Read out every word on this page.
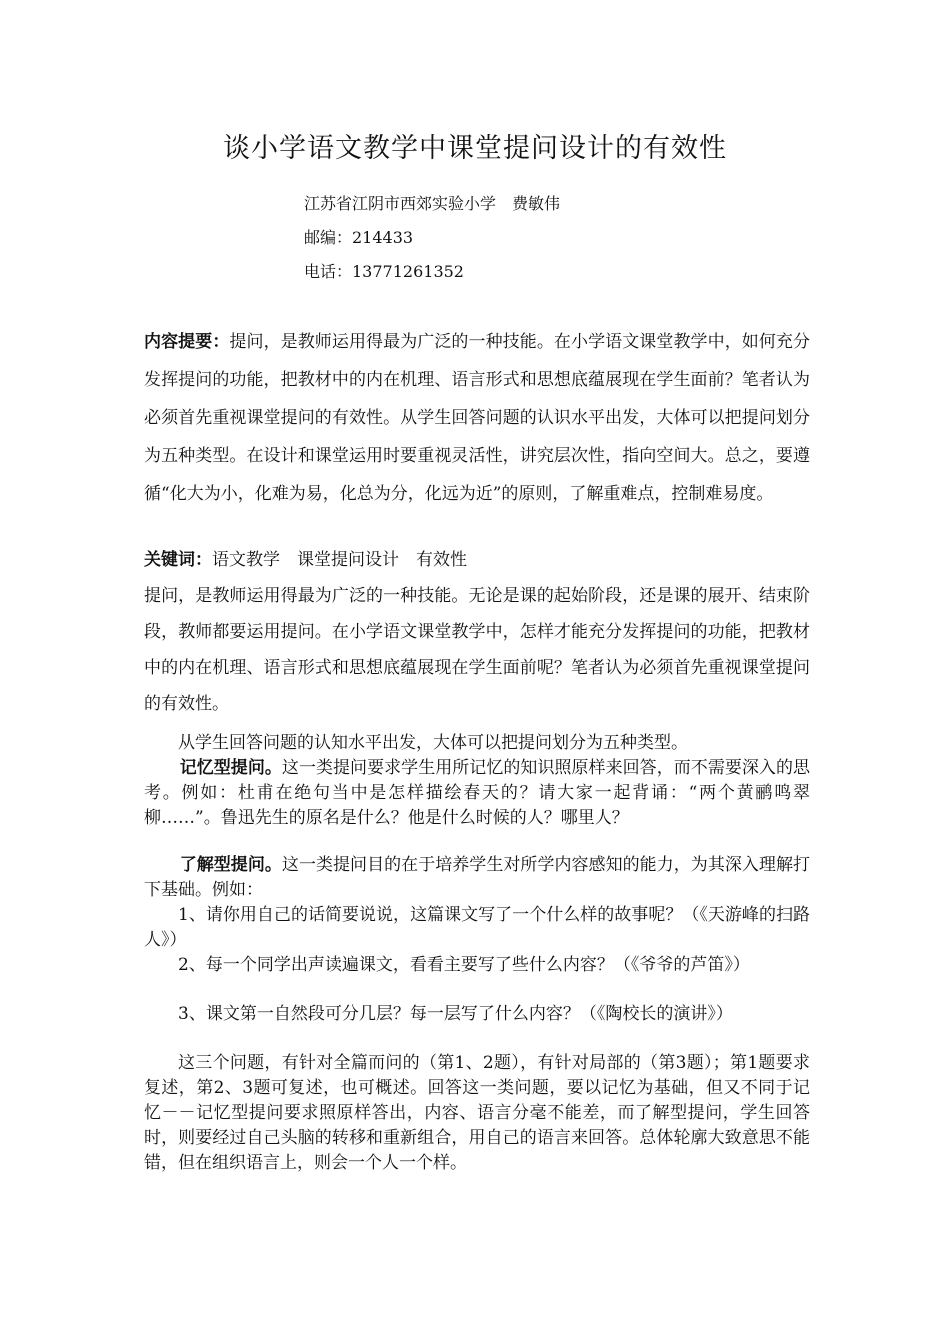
谈小学语文教学中课堂提问设计的有效性
江苏省江阴市西郊实验小学　费敏伟
邮编：214433
电话：13771261352
内容提要：提问，是教师运用得最为广泛的一种技能。在小学语文课堂教学中，如何充分发挥提问的功能，把教材中的内在机理、语言形式和思想底蕴展现在学生面前？笔者认为必须首先重视课堂提问的有效性。从学生回答问题的认识水平出发，大体可以把提问划分为五种类型。在设计和课堂运用时要重视灵活性，讲究层次性，指向空间大。总之，要遵循“化大为小，化难为易，化总为分，化远为近”的原则，了解重难点，控制难易度。
关键词：语文教学　课堂提问设计　有效性

提问，是教师运用得最为广泛的一种技能。无论是课的起始阶段，还是课的展开、结束阶段，教师都要运用提问。在小学语文课堂教学中，怎样才能充分发挥提问的功能，把教材中的内在机理、语言形式和思想底蕴展现在学生面前呢？笔者认为必须首先重视课堂提问的有效性。

从学生回答问题的认知水平出发，大体可以把提问划分为五种类型。

记忆型提问。这一类提问要求学生用所记忆的知识照原样来回答，而不需要深入的思考。例如：杜甫在绝句当中是怎样描绘春天的？请大家一起背诵：“两个黄鹂鸣翠柳……”。鲁迅先生的原名是什么？他是什么时候的人？哪里人？

了解型提问。这一类提问目的在于培养学生对所学内容感知的能力，为其深入理解打下基础。例如：

1、请你用自己的话简要说说，这篇课文写了一个什么样的故事呢？（《天游峰的扫路人》）

2、每一个同学出声读遍课文，看看主要写了些什么内容？（《爷爷的芦笛》）

3、课文第一自然段可分几层？每一层写了什么内容？（《陶校长的演讲》）

这三个问题，有针对全篇而问的（第1、2题），有针对局部的（第3题）；第1题要求复述，第2、3题可复述，也可概述。回答这一类问题，要以记忆为基础，但又不同于记忆－－记忆型提问要求照原样答出，内容、语言分毫不能差，而了解型提问，学生回答时，则要经过自己头脑的转移和重新组合，用自己的语言来回答。总体轮廓大致意思不能错，但在组织语言上，则会一个人一个样。
